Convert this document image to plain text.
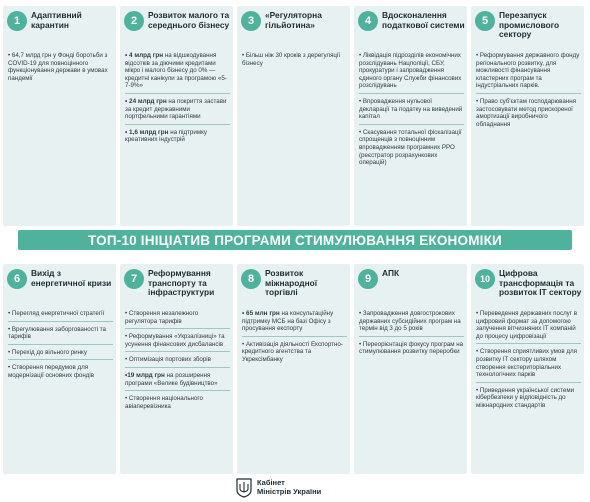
1	Адаптивний карантин
• 64,7 млрд грн у Фонді боротьби з COVID-19 для повноцінного функціонування держави в умовах пандемії
2	Розвиток малого та середнього бізнесу
• 4 млрд грн на відшкодування відсотків за діючими кредитами мікро і малого бізнесу до 0% — кредитні канікули за програмою «5-7-9%»
• 24 млрд грн на покриття застави за кредит державними портфельними гарантіями
• 1,6 млрд грн на підтримку креативних індустрій
3	«Регуляторна гільйотина»
• Більш ніж 30 кроків з дерегуляції бізнесу
4	Вдосконалення податкової системи
• Ліквідація підрозділів економічних розслідувань Нацполіції, СБУ, прокуратури і запровадження єдиного органу Служби фінансових розслідувань
• Впровадження нульової декларації та податку на виведений капітал
• Скасування тотальної фіскалізації спрощенців з повноцінним впровадженням програмних РРО (реєстратор розрахункових операцій)
5	Перезапуск промислового сектору
• Реформування державного фонду регіонального розвитку, для можливості фінансування кластерних програм та індустріальних парків.
• Право суб'єктам господарювання застосовувати метод прискореної амортизації виробничого обладнання
ТОП-10 ІНІЦІАТИВ ПРОГРАМИ СТИМУЛЮВАННЯ ЕКОНОМІКИ
6	Вихід з енергетичної кризи
• Перегляд енергетичної стратегії
• Врегулювання заборгованості та тарифів
• Перехід до вільного ринку
• Створення передумов для модернізації основних фондів
7	Реформування транспорту та інфраструктури
• Створення незалежного регулятора тарифів
• Реформування «Укрзалізниці» та усунення фінансових дисбалансів
• Оптимізація портових зборів
•19 млрд грн на розширення програми «Велике будівництво»
• Створення національного авіаперевізника
8	Розвиток міжнародної торгівлі
• 65 млн грн на консультаційну підтримку МСБ на базі Офісу з просування експорту
• Активізація діяльності Експортно-кредитного агентства та Укрексімбанку
9	АПК
• Запровадження довгострокових державних субсидійних програм на термін від 3 до 5 років
• Переорієнтація фокусу програм на стимулювання розвитку переробки
10
Цифрова трансформація та розвиток ІТ сектору
• Переведення державних послуг в цифровий формат за допомогою залучення вітчизняних ІТ компаній до процесу цифровізації
• Створення сприятливих умов для розвитку ІТ сектору шляхом створення екстериторіальних технологічних парків
• Приведення української системи кібербезпеки у відповідність до міжнародних стандартів
Кабінет
Міністрів України
